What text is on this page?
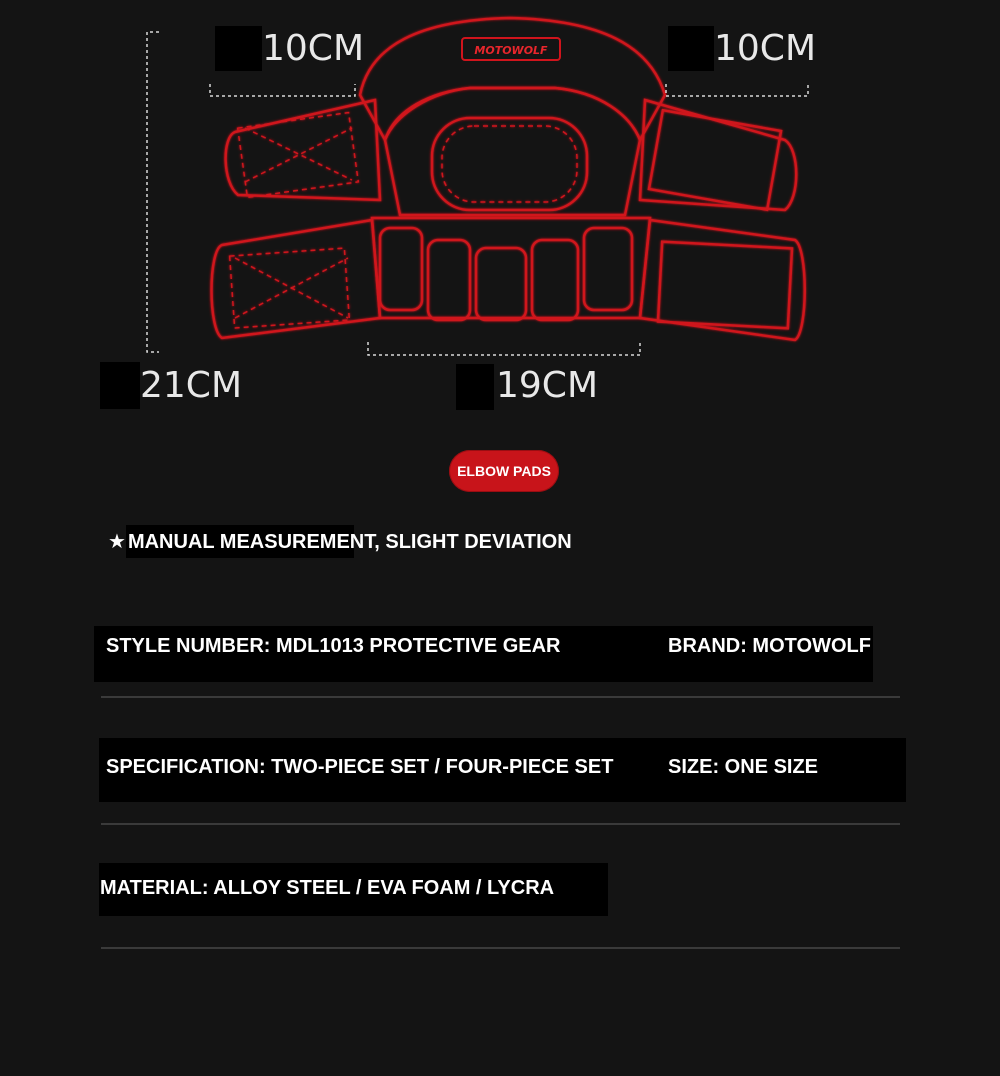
MOTOWOLF
10CM	10CM
21CM	19CM
ELBOW PADS
★ MANUAL MEASUREMENT, SLIGHT DEVIATION
STYLE NUMBER: MDL1013 PROTECTIVE GEAR	BRAND: MOTOWOLF
SPECIFICATION: TWO-PIECE SET / FOUR-PIECE SET	SIZE: ONE SIZE
MATERIAL: ALLOY STEEL / EVA FOAM / LYCRA
